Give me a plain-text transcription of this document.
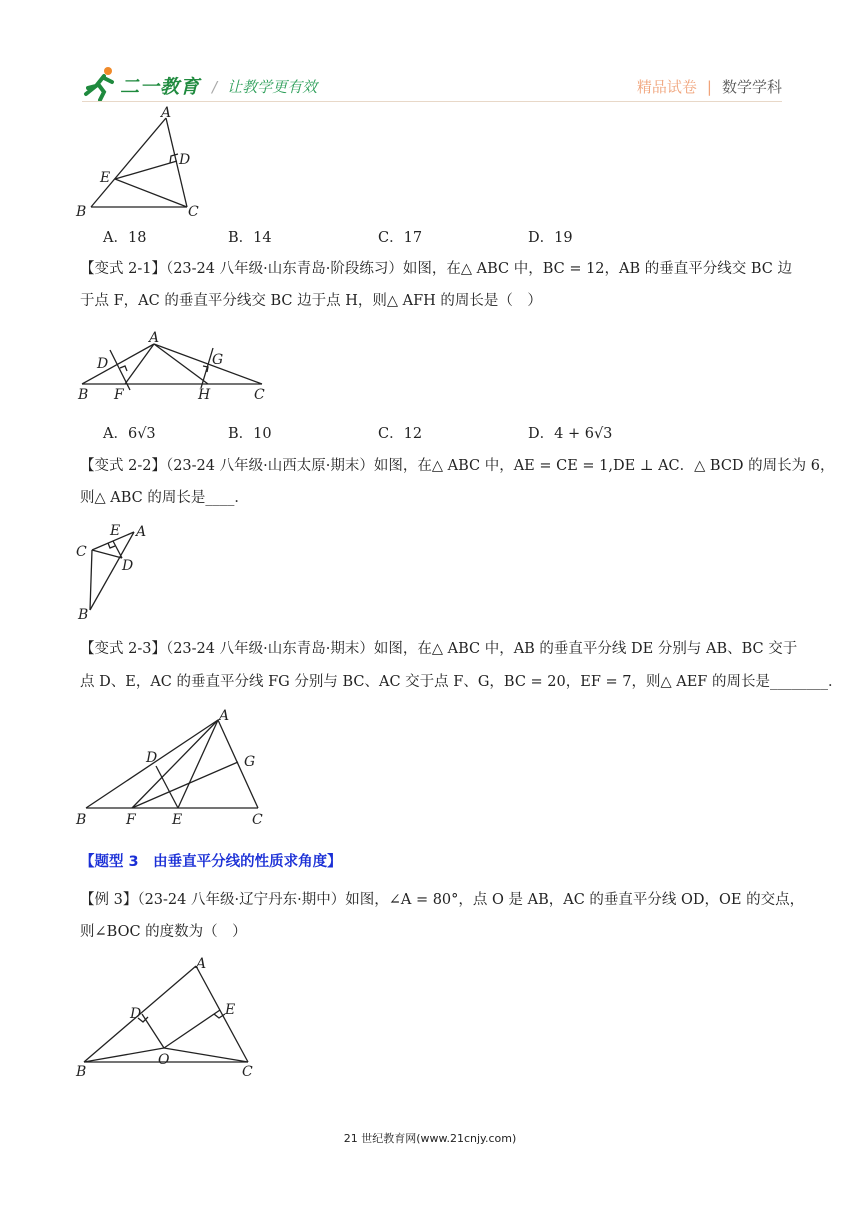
二一教育 / 让教学更有效	精品试卷 | 数学学科
A
D
E
B	C
A．18	B．14	C．17	D．19
【变式 2-1】（23-24 八年级·山东青岛·阶段练习）如图，在△ ABC 中，BC = 12，AB 的垂直平分线交 BC 边
于点 F，AC 的垂直平分线交 BC 边于点 H，则△ AFH 的周长是（　）
A
D	G
B F	H	C
A．6√3	B．10	C．12	D．4 + 6√3
【变式 2-2】（23-24 八年级·山西太原·期末）如图，在△ ABC 中，AE = CE = 1,DE ⊥ AC．△ BCD 的周长为 6，
则△ ABC 的周长是____．
E A
C
D
B
【变式 2-3】（23-24 八年级·山东青岛·期末）如图，在△ ABC 中，AB 的垂直平分线 DE 分别与 AB、BC 交于
点 D、E，AC 的垂直平分线 FG 分别与 BC、AC 交于点 F、G，BC = 20，EF = 7，则△ AEF 的周长是________．
A
D	G
B	F	E	C
【题型 3　由垂直平分线的性质求角度】
【例 3】（23-24 八年级·辽宁丹东·期中）如图，∠A = 80°，点 O 是 AB，AC 的垂直平分线 OD，OE 的交点，
则∠BOC 的度数为（　）
A
D	E
O
B	C
21 世纪教育网(www.21cnjy.com)
